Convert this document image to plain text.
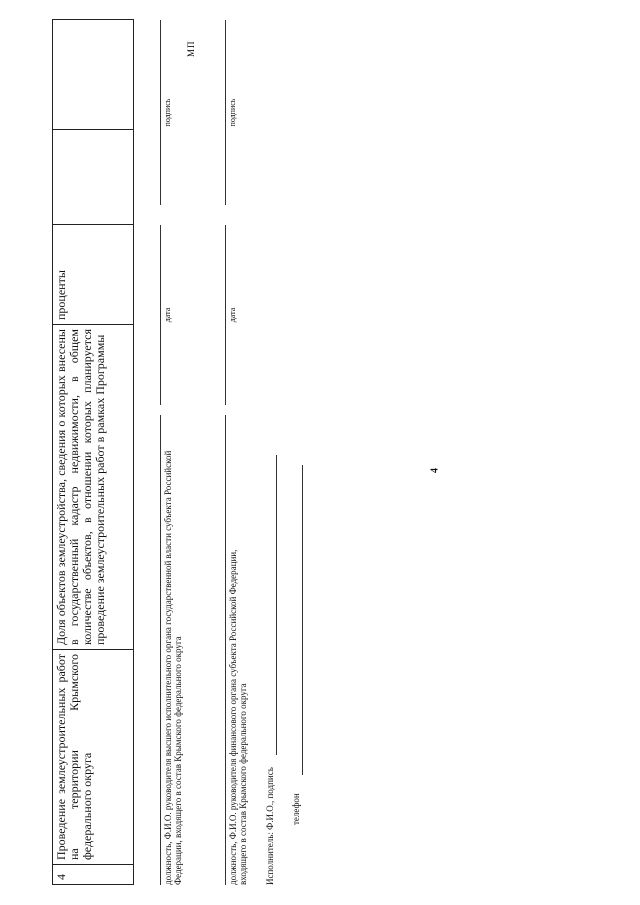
4
4	Проведение землеустроительных работ на территории Крымского федерального округа	Доля объектов землеустройства, сведения о которых внесены в государственный кадастр недвижимости, в общем количестве объектов, в отношении которых планируется проведение землеустроительных работ в рамках Программы	проценты		
должность, Ф.И.О. руководителя высшего исполнительного органа государственной власти субъекта Российской Федерации, входящего в состав Крымского федерального округа
дата
подпись
МП
должность, Ф.И.О. руководителя финансового органа субъекта Российской Федерации, входящего в состав Крымского федерального округа
дата
подпись
Исполнитель: Ф.И.О., подпись телефон
